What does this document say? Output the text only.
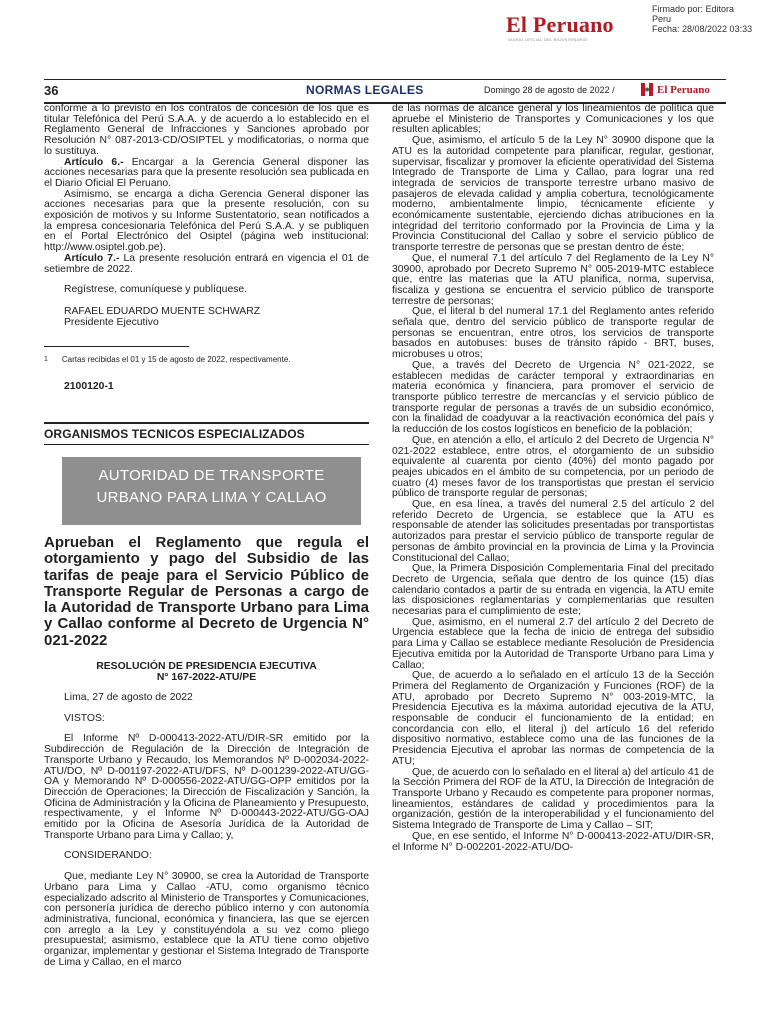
El Peruano
DIARIO OFICIAL DEL BICENTENARIO
Firmado por: Editora
Peru
Fecha: 28/08/2022 03:33
36	NORMAS LEGALES	Domingo 28 de agosto de 2022 /	El Peruano

conforme a lo previsto en los contratos de concesión de los que es titular Telefónica del Perú S.A.A. y de acuerdo a lo establecido en el Reglamento General de Infracciones y Sanciones aprobado por Resolución N° 087-2013-CD/OSIPTEL y modificatorias, o norma que lo sustituya.

Artículo 6.- Encargar a la Gerencia General disponer las acciones necesarias para que la presente resolución sea publicada en el Diario Oficial El Peruano.

Asimismo, se encarga a dicha Gerencia General disponer las acciones necesarias para que la presente resolución, con su exposición de motivos y su Informe Sustentatorio, sean notificados a la empresa concesionaria Telefónica del Perú S.A.A. y se publiquen en el Portal Electrónico del Osiptel (página web institucional: http://www.osiptel.gob.pe).

Artículo 7.- La presente resolución entrará en vigencia el 01 de setiembre de 2022.

Regístrese, comuníquese y publíquese.

RAFAEL EDUARDO MUENTE SCHWARZ
Presidente Ejecutivo
1 Cartas recibidas el 01 y 15 de agosto de 2022, respectivamente.
2100120-1
ORGANISMOS TECNICOS ESPECIALIZADOS
AUTORIDAD DE TRANSPORTE
URBANO PARA LIMA Y CALLAO
Aprueban el Reglamento que regula el otorgamiento y pago del Subsidio de las tarifas de peaje para el Servicio Público de Transporte Regular de Personas a cargo de la Autoridad de Transporte Urbano para Lima y Callao conforme al Decreto de Urgencia N° 021-2022
RESOLUCIÓN DE PRESIDENCIA EJECUTIVA
N° 167-2022-ATU/PE

Lima, 27 de agosto de 2022

VISTOS:

El Informe Nº D-000413-2022-ATU/DIR-SR emitido por la Subdirección de Regulación de la Dirección de Integración de Transporte Urbano y Recaudo, los Memorandos Nº D-002034-2022-ATU/DO, Nº D-001197-2022-ATU/DFS, Nº D-001239-2022-ATU/GG-OA y Memorando Nº D-000556-2022-ATU/GG-OPP emitidos por la Dirección de Operaciones; la Dirección de Fiscalización y Sanción, la Oficina de Administración y la Oficina de Planeamiento y Presupuesto, respectivamente, y el Informe Nº D-000443-2022-ATU/GG-OAJ emitido por la Oficina de Asesoría Jurídica de la Autoridad de Transporte Urbano para Lima y Callao; y,

CONSIDERANDO:

Que, mediante Ley N° 30900, se crea la Autoridad de Transporte Urbano para Lima y Callao -ATU, como organismo técnico especializado adscrito al Ministerio de Transportes y Comunicaciones, con personería jurídica de derecho público interno y con autonomía administrativa, funcional, económica y financiera, las que se ejercen con arreglo a la Ley y constituyéndola a su vez como pliego presupuestal; asimismo, establece que la ATU tiene como objetivo organizar, implementar y gestionar el Sistema Integrado de Transporte de Lima y Callao, en el marco

de las normas de alcance general y los lineamientos de política que apruebe el Ministerio de Transportes y Comunicaciones y los que resulten aplicables;

Que, asimismo, el artículo 5 de la Ley N° 30900 dispone que la ATU es la autoridad competente para planificar, regular, gestionar, supervisar, fiscalizar y promover la eficiente operatividad del Sistema Integrado de Transporte de Lima y Callao, para lograr una red integrada de servicios de transporte terrestre urbano masivo de pasajeros de elevada calidad y amplia cobertura, tecnológicamente moderno, ambientalmente limpio, técnicamente eficiente y económicamente sustentable, ejerciendo dichas atribuciones en la integridad del territorio conformado por la Provincia de Lima y la Provincia Constitucional del Callao y sobre el servicio público de transporte terrestre de personas que se prestan dentro de éste;

Que, el numeral 7.1 del artículo 7 del Reglamento de la Ley N° 30900, aprobado por Decreto Supremo N° 005-2019-MTC establece que, entre las materias que la ATU planifica, norma, supervisa, fiscaliza y gestiona se encuentra el servicio público de transporte terrestre de personas;

Que, el literal b del numeral 17.1 del Reglamento antes referido señala que, dentro del servicio público de transporte regular de personas se encuentran, entre otros, los servicios de transporte basados en autobuses: buses de tránsito rápido - BRT, buses, microbuses u otros;

Que, a través del Decreto de Urgencia N° 021-2022, se establecen medidas de carácter temporal y extraordinarias en materia económica y financiera, para promover el servicio de transporte público terrestre de mercancías y el servicio público de transporte regular de personas a través de un subsidio económico, con la finalidad de coadyuvar a la reactivación económica del país y la reducción de los costos logísticos en beneficio de la población;

Que, en atención a ello, el artículo 2 del Decreto de Urgencia N° 021-2022 establece, entre otros, el otorgamiento de un subsidio equivalente al cuarenta por ciento (40%) del monto pagado por peajes ubicados en el ámbito de su competencia, por un periodo de cuatro (4) meses favor de los transportistas que prestan el servicio público de transporte regular de personas;

Que, en esa línea, a través del numeral 2.5 del artículo 2 del referido Decreto de Urgencia, se establece que la ATU es responsable de atender las solicitudes presentadas por transportistas autorizados para prestar el servicio público de transporte regular de personas de ámbito provincial en la provincia de Lima y la Provincia Constitucional del Callao;

Que, la Primera Disposición Complementaria Final del precitado Decreto de Urgencia, señala que dentro de los quince (15) días calendario contados a partir de su entrada en vigencia, la ATU emite las disposiciones reglamentarias y complementarias que resulten necesarias para el cumplimiento de este;

Que, asimismo, en el numeral 2.7 del artículo 2 del Decreto de Urgencia establece que la fecha de inicio de entrega del subsidio para Lima y Callao se establece mediante Resolución de Presidencia Ejecutiva emitida por la Autoridad de Transporte Urbano para Lima y Callao;

Que, de acuerdo a lo señalado en el artículo 13 de la Sección Primera del Reglamento de Organización y Funciones (ROF) de la ATU, aprobado por Decreto Supremo N° 003-2019-MTC, la Presidencia Ejecutiva es la máxima autoridad ejecutiva de la ATU, responsable de conducir el funcionamiento de la entidad; en concordancia con ello, el literal j) del artículo 16 del referido dispositivo normativo, establece como una de las funciones de la Presidencia Ejecutiva el aprobar las normas de competencia de la ATU;

Que, de acuerdo con lo señalado en el literal a) del artículo 41 de la Sección Primera del ROF de la ATU, la Dirección de Integración de Transporte Urbano y Recaudo es competente para proponer normas, lineamientos, estándares de calidad y procedimientos para la organización, gestión de la interoperabilidad y el funcionamiento del Sistema Integrado de Transporte de Lima y Callao – SIT;

Que, en ese sentido, el Informe N° D-000413-2022-ATU/DIR-SR, el Informe N° D-002201-2022-ATU/DO-
